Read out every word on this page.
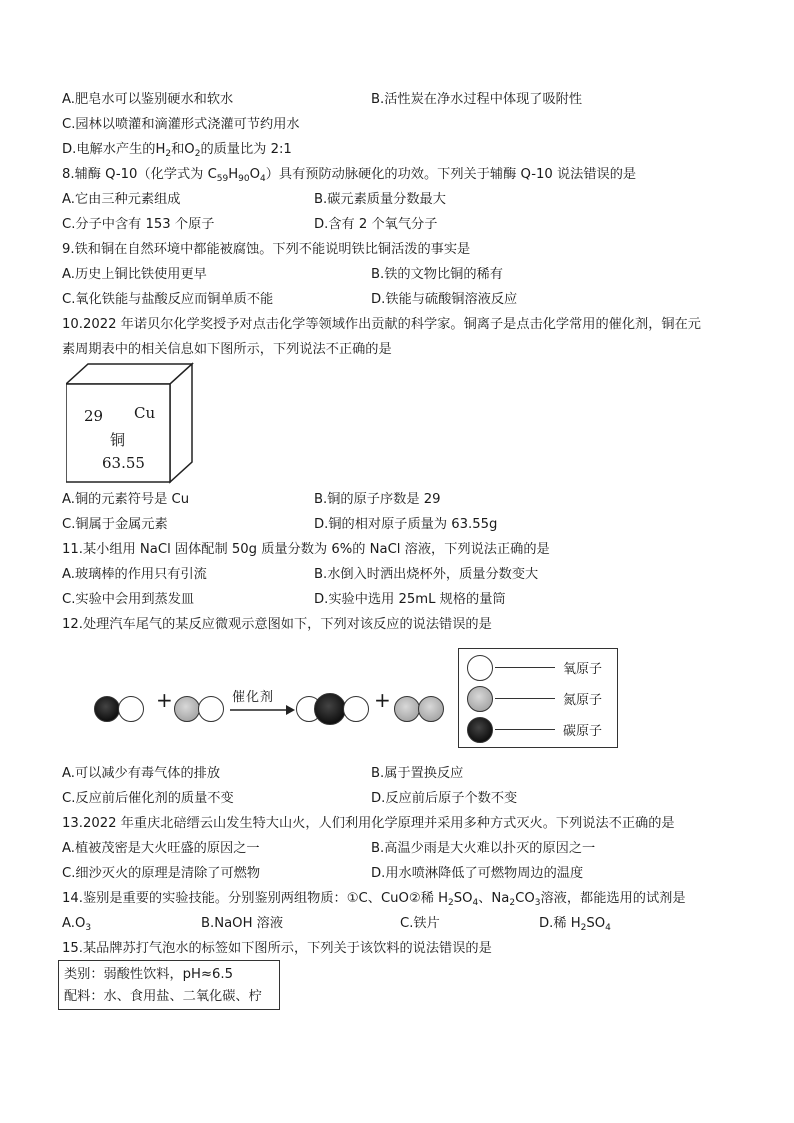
A.肥皂水可以鉴别硬水和软水	B.活性炭在净水过程中体现了吸附性
C.园林以喷灌和滴灌形式浇灌可节约用水
D.电解水产生的$H_2$和$O_2$的质量比为 2:1
8.辅酶 Q-10（化学式为 $C_{59}H_{90}O_4$）具有预防动脉硬化的功效。下列关于辅酶 Q-10 说法错误的是
A.它由三种元素组成	B.碳元素质量分数最大
C.分子中含有 153 个原子	D.含有 2 个氧气分子
9.铁和铜在自然环境中都能被腐蚀。下列不能说明铁比铜活泼的事实是
A.历史上铜比铁使用更早	B.铁的文物比铜的稀有
C.氧化铁能与盐酸反应而铜单质不能	D.铁能与硫酸铜溶液反应
10.2022 年诺贝尔化学奖授予对点击化学等领域作出贡献的科学家。铜离子是点击化学常用的催化剂，铜在元
素周期表中的相关信息如下图所示，下列说法不正确的是
29 Cu
铜
63.55
A.铜的元素符号是 Cu	B.铜的原子序数是 29
C.铜属于金属元素	D.铜的相对原子质量为 63.55g
11.某小组用 NaCl 固体配制 50g 质量分数为 6%的 NaCl 溶液，下列说法正确的是
A.玻璃棒的作用只有引流	B.水倒入时洒出烧杯外，质量分数变大
C.实验中会用到蒸发皿	D.实验中选用 25mL 规格的量筒
12.处理汽车尾气的某反应微观示意图如下，下列对该反应的说法错误的是
+	催化剂	+
氧原子
氮原子
碳原子
A.可以减少有毒气体的排放	B.属于置换反应
C.反应前后催化剂的质量不变	D.反应前后原子个数不变
13.2022 年重庆北碚缙云山发生特大山火，人们利用化学原理并采用多种方式灭火。下列说法不正确的是
A.植被茂密是大火旺盛的原因之一	B.高温少雨是大火难以扑灭的原因之一
C.细沙灭火的原理是清除了可燃物	D.用水喷淋降低了可燃物周边的温度
14.鉴别是重要的实验技能。分别鉴别两组物质：①C、CuO②稀 $H_2SO_4$、$Na_2CO_3$溶液，都能选用的试剂是
$A.O_3$	B.NaOH 溶液	C.铁片	D.稀 $H_2SO_4$
15.某品牌苏打气泡水的标签如下图所示，下列关于该饮料的说法错误的是
类别：弱酸性饮料，pH≈6.5
配料：水、食用盐、二氧化碳、柠
